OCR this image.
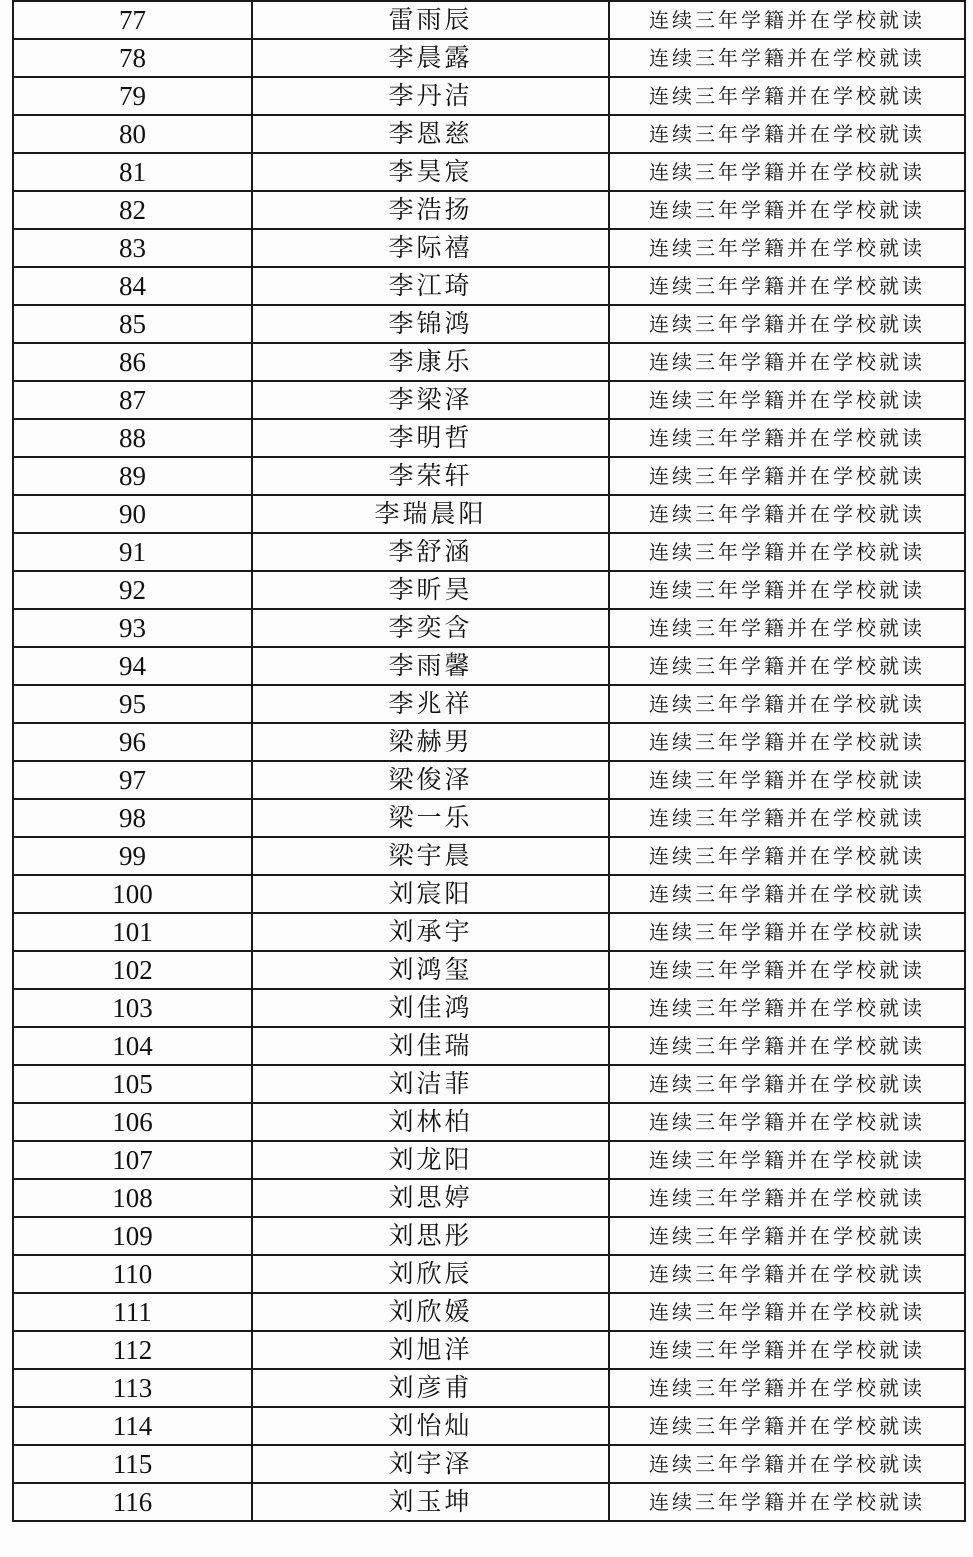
77	雷雨辰	连续三年学籍并在学校就读
78	李晨露	连续三年学籍并在学校就读
79	李丹洁	连续三年学籍并在学校就读
80	李恩慈	连续三年学籍并在学校就读
81	李昊宸	连续三年学籍并在学校就读
82	李浩扬	连续三年学籍并在学校就读
83	李际禧	连续三年学籍并在学校就读
84	李江琦	连续三年学籍并在学校就读
85	李锦鸿	连续三年学籍并在学校就读
86	李康乐	连续三年学籍并在学校就读
87	李梁泽	连续三年学籍并在学校就读
88	李明哲	连续三年学籍并在学校就读
89	李荣轩	连续三年学籍并在学校就读
90	李瑞晨阳	连续三年学籍并在学校就读
91	李舒涵	连续三年学籍并在学校就读
92	李昕昊	连续三年学籍并在学校就读
93	李奕含	连续三年学籍并在学校就读
94	李雨馨	连续三年学籍并在学校就读
95	李兆祥	连续三年学籍并在学校就读
96	梁赫男	连续三年学籍并在学校就读
97	梁俊泽	连续三年学籍并在学校就读
98	梁一乐	连续三年学籍并在学校就读
99	梁宇晨	连续三年学籍并在学校就读
100	刘宸阳	连续三年学籍并在学校就读
101	刘承宇	连续三年学籍并在学校就读
102	刘鸿玺	连续三年学籍并在学校就读
103	刘佳鸿	连续三年学籍并在学校就读
104	刘佳瑞	连续三年学籍并在学校就读
105	刘洁菲	连续三年学籍并在学校就读
106	刘林柏	连续三年学籍并在学校就读
107	刘龙阳	连续三年学籍并在学校就读
108	刘思婷	连续三年学籍并在学校就读
109	刘思彤	连续三年学籍并在学校就读
110	刘欣辰	连续三年学籍并在学校就读
111	刘欣媛	连续三年学籍并在学校就读
112	刘旭洋	连续三年学籍并在学校就读
113	刘彦甫	连续三年学籍并在学校就读
114	刘怡灿	连续三年学籍并在学校就读
115	刘宇泽	连续三年学籍并在学校就读
116	刘玉坤	连续三年学籍并在学校就读
